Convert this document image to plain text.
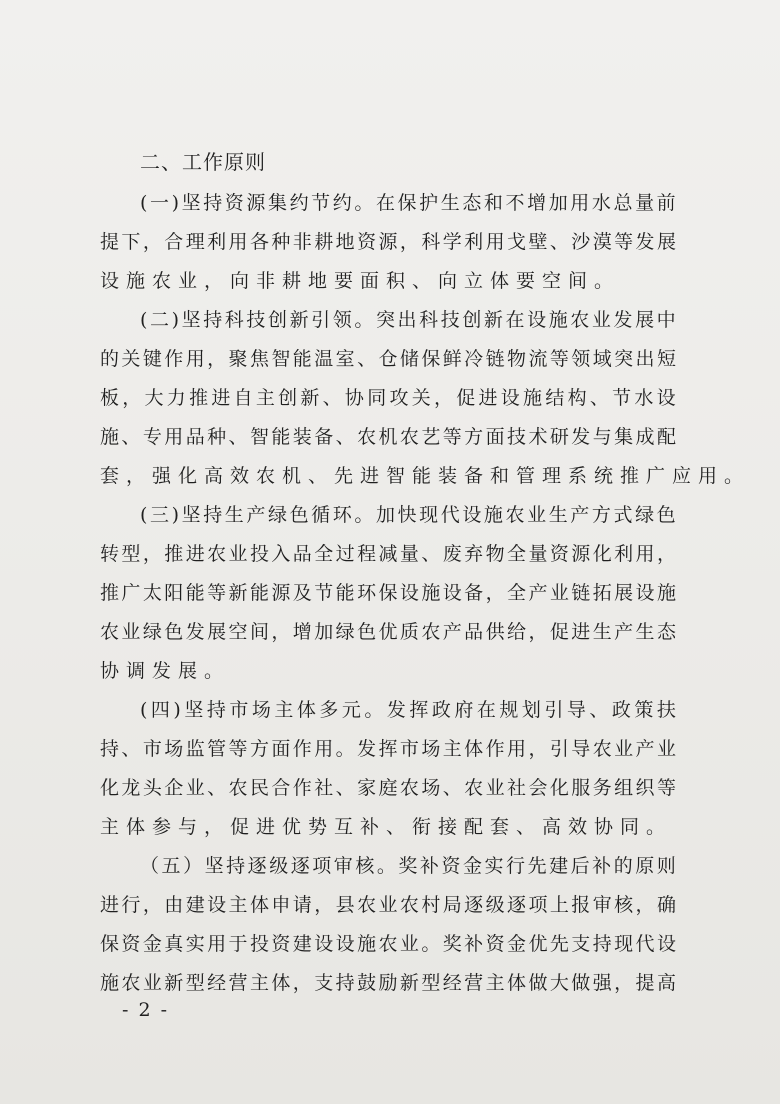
二、工作原则
( 一 ) 坚 持 资 源 集 约 节 约 。 在 保 护 生 态 和 不 增 加 用 水 总 量 前
提 下 ， 合 理 利 用 各 种 非 耕 地 资 源 ， 科 学 利 用 戈 壁 、 沙 漠 等 发 展
设施农业，向非耕地要面积、向立体要空间。
( 二 ) 坚 持 科 技 创 新 引 领 。 突 出 科 技 创 新 在 设 施 农 业 发 展 中
的 关 键 作 用 ， 聚 焦 智 能 温 室 、 仓 储 保 鲜 冷 链 物 流 等 领 域 突 出 短
板 ， 大 力 推 进 自 主 创 新 、 协 同 攻 关 ， 促 进 设 施 结 构 、 节 水 设
施 、 专 用 品 种 、 智 能 装 备 、 农 机 农 艺 等 方 面 技 术 研 发 与 集 成 配
套，强化高效农机、先进智能装备和管理系统推广应用。
( 三 ) 坚 持 生 产 绿 色 循 环 。 加 快 现 代 设 施 农 业 生 产 方 式 绿 色
转 型 ， 推 进 农 业 投 入 品 全 过 程 减 量 、 废 弃 物 全 量 资 源 化 利 用 ，
推 广 太 阳 能 等 新 能 源 及 节 能 环 保 设 施 设 备 ， 全 产 业 链 拓 展 设 施
农 业 绿 色 发 展 空 间 ， 增 加 绿 色 优 质 农 产 品 供 给 ， 促 进 生 产 生 态
协调发展。
( 四 ) 坚 持 市 场 主 体 多 元 。 发 挥 政 府 在 规 划 引 导 、 政 策 扶
持 、 市 场 监 管 等 方 面 作 用 。 发 挥 市 场 主 体 作 用 ， 引 导 农 业 产 业
化 龙 头 企 业 、 农 民 合 作 社 、 家 庭 农 场 、 农 业 社 会 化 服 务 组 织 等
主体参与，促进优势互补、衔接配套、高效协同。
（ 五 ） 坚 持 逐 级 逐 项 审 核 。 奖 补 资 金 实 行 先 建 后 补 的 原 则
进 行 ， 由 建 设 主 体 申 请 ， 县 农 业 农 村 局 逐 级 逐 项 上 报 审 核 ， 确
保 资 金 真 实 用 于 投 资 建 设 设 施 农 业 。 奖 补 资 金 优 先 支 持 现 代 设
施 农 业 新 型 经 营 主 体 ， 支 持 鼓 励 新 型 经 营 主 体 做 大 做 强 ， 提 高
- 2 -
